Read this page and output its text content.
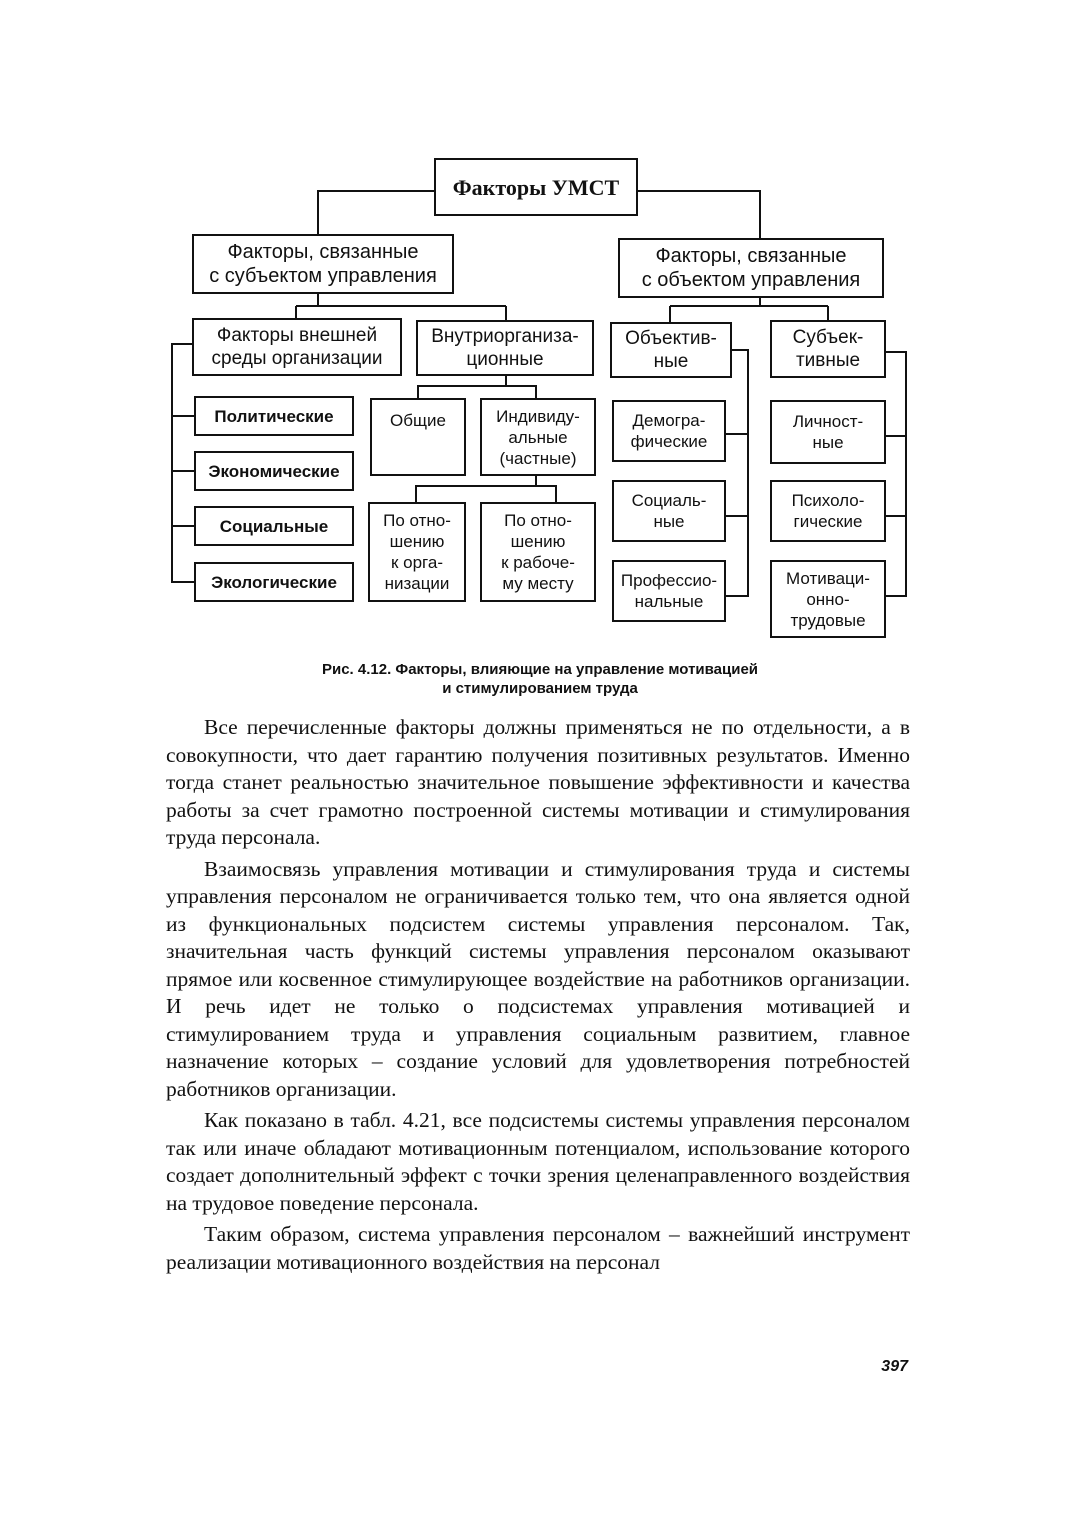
Факторы УМСТ
Факторы, связанные
с субъектом управления
Факторы, связанные
с объектом управления
Факторы внешней
среды организации
Внутриорганиза-
ционные
Объектив-
ные
Субъек-
тивные
Политические
Экономические
Социальные
Экологические
Общие	Индивиду-
альные
(частные)
По отно-
шению
к орга-
низации
По отно-
шению
к рабоче-
му месту
Демогра-
фические
Социаль-
ные
Профессио-
нальные
Личност-
ные
Психоло-
гические
Мотиваци-
онно-
трудовые
Рис. 4.12. Факторы, влияющие на управление мотивацией
и стимулированием труда

Все перечисленные факторы должны применяться не по отдельности, а в совокупности, что дает гарантию получения позитивных результатов. Именно тогда станет реальностью значительное повышение эффективности и качества работы за счет грамотно построенной системы мотивации и стимулирования труда персонала.

Взаимосвязь управления мотивации и стимулирования труда и системы управления персоналом не ограничивается только тем, что она является одной из функциональных подсистем системы управления персоналом. Так, значительная часть функций системы управления персоналом оказывают прямое или косвенное стимулирующее воздействие на работников организации. И речь идет не только о подсистемах управления мотивацией и стимулированием труда и управления социальным развитием, главное назначение которых – создание условий для удовлетворения потребностей работников организации.

Как показано в табл. 4.21, все подсистемы системы управления персоналом так или иначе обладают мотивационным потенциалом, использование которого создает дополнительный эффект с точки зрения целенаправленного воздействия на трудовое поведение персонала.

Таким образом, система управления персоналом – важнейший инструмент реализации мотивационного воздействия на персонал

397
